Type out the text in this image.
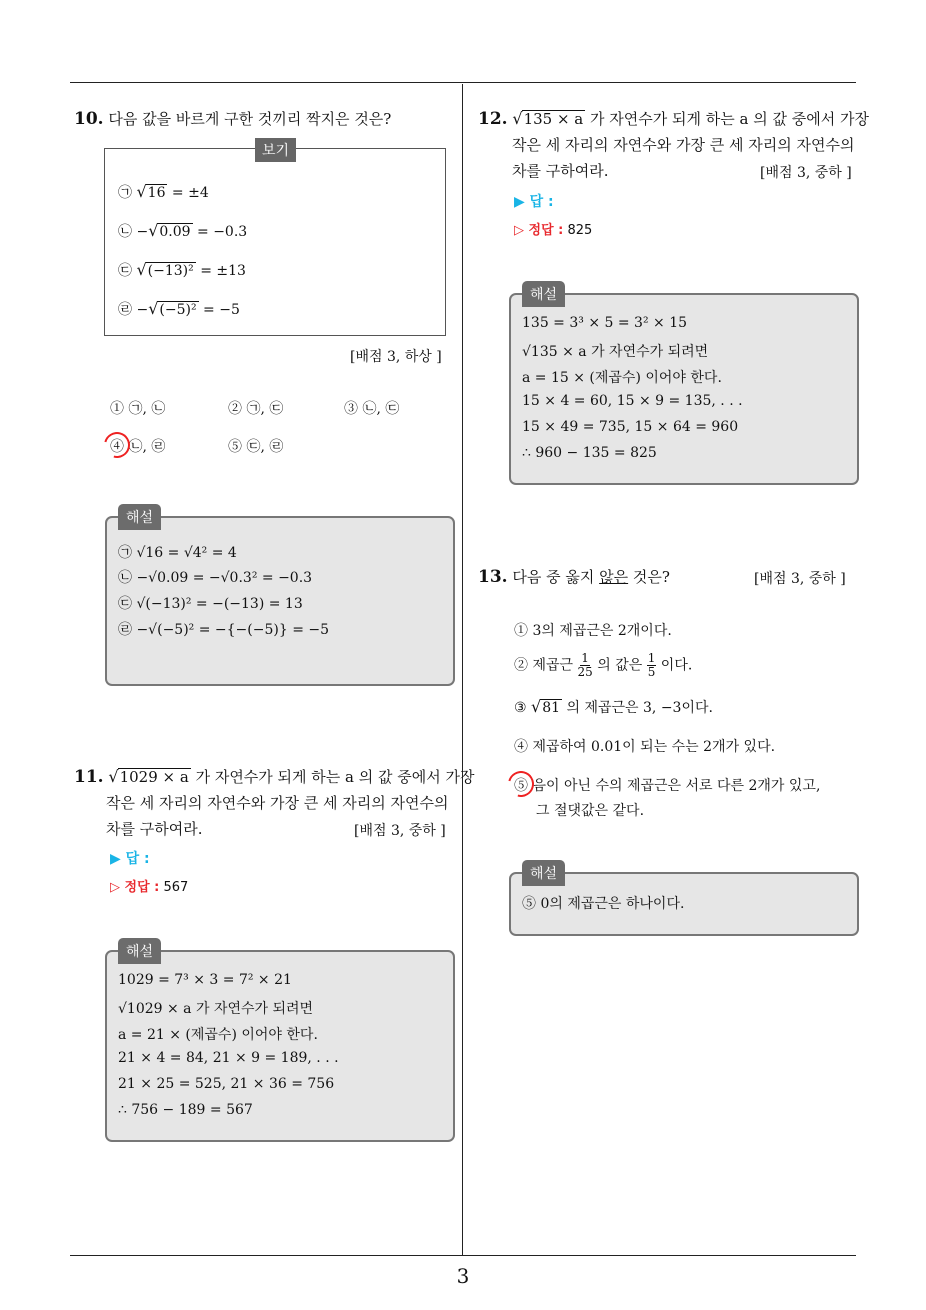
3
10. 다음 값을 바르게 구한 것끼리 짝지은 것은?
보기
㉠ √16 = ±4
㉡ −√0.09 = −0.3
㉢ √(−13)² = ±13
㉣ −√(−5)² = −5
[배점 3, 하상 ]
① ㉠, ㉡	② ㉠, ㉢	③ ㉡, ㉢
④ ㉡, ㉣	⑤ ㉢, ㉣
해설
㉠ √16 = √4² = 4
㉡ −√0.09 = −√0.3² = −0.3
㉢ √(−13)² = −(−13) = 13
㉣ −√(−5)² = −{−(−5)} = −5
11. √1029 × a 가 자연수가 되게 하는 a 의 값 중에서 가장
작은 세 자리의 자연수와 가장 큰 세 자리의 자연수의
차를 구하여라.	[배점 3, 중하 ]
▶ 답 :
▷ 정답 : 567
해설
1029 = 7³ × 3 = 7² × 21
√1029 × a 가 자연수가 되려면
a = 21 × (제곱수) 이어야 한다.
21 × 4 = 84, 21 × 9 = 189, . . .
21 × 25 = 525, 21 × 36 = 756
∴ 756 − 189 = 567
12. √135 × a 가 자연수가 되게 하는 a 의 값 중에서 가장
작은 세 자리의 자연수와 가장 큰 세 자리의 자연수의
차를 구하여라.	[배점 3, 중하 ]
▶ 답 :
▷ 정답 : 825
해설
135 = 3³ × 5 = 3² × 15
√135 × a 가 자연수가 되려면
a = 15 × (제곱수) 이어야 한다.
15 × 4 = 60, 15 × 9 = 135, . . .
15 × 49 = 735, 15 × 64 = 960
∴ 960 − 135 = 825
13. 다음 중 옳지 않은 것은?	[배점 3, 중하 ]
① 3의 제곱근은 2개이다.
② 제곱근 $\frac{1}{25}$ 의 값은 $\frac{1}{5}$ 이다.
③ √81 의 제곱근은 3, −3이다.
④ 제곱하여 0.01이 되는 수는 2개가 있다.
⑤ 음이 아닌 수의 제곱근은 서로 다른 2개가 있고,
그 절댓값은 같다.
해설
⑤ 0의 제곱근은 하나이다.
